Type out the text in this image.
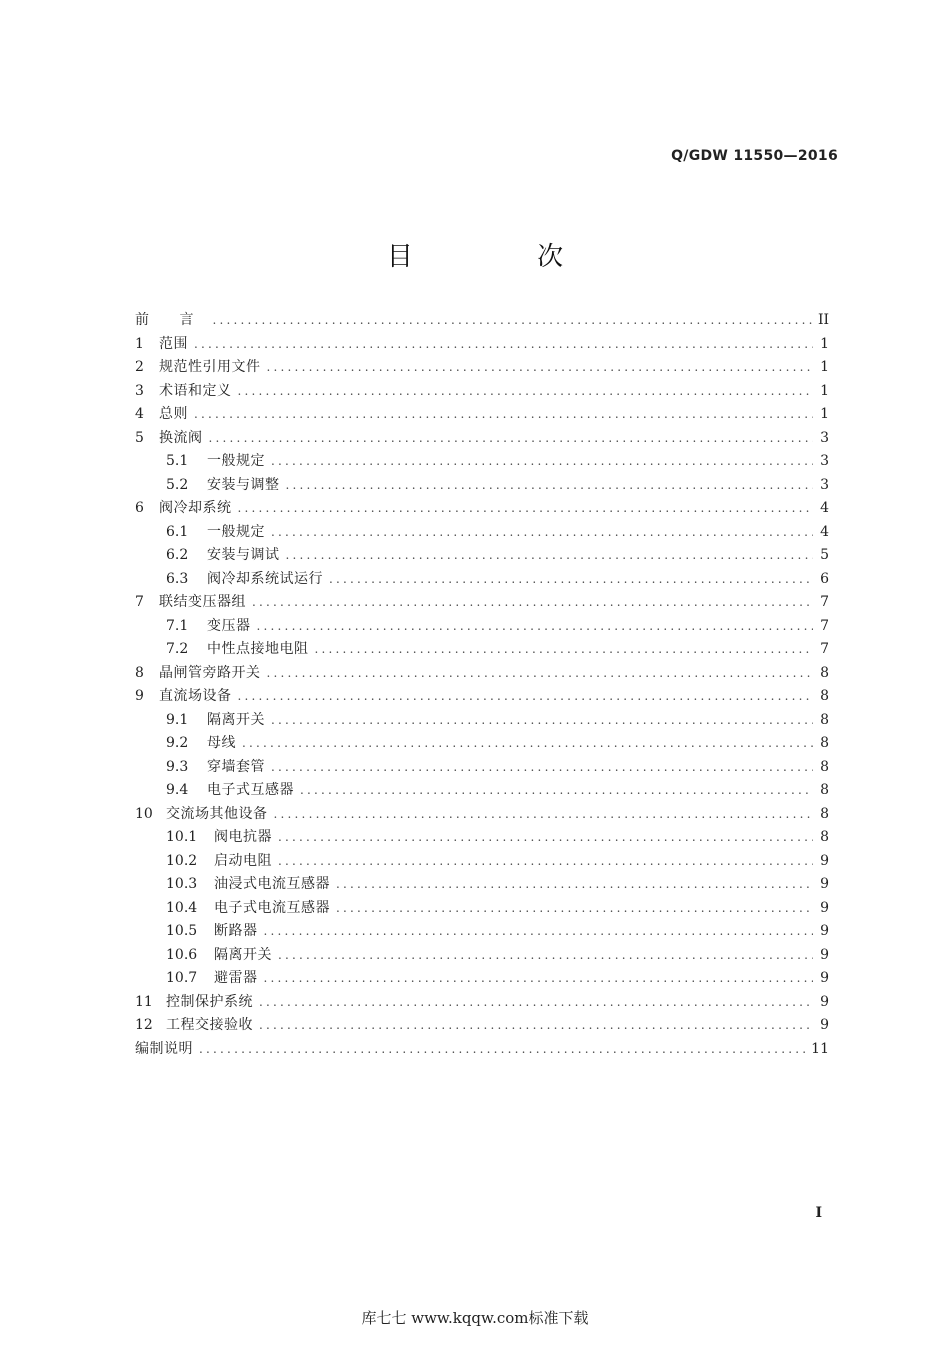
Q/GDW 11550—2016
目 次
前 言 .....	II
1	范围 .....	1
2	规范性引用文件 .....	1
3	术语和定义 .....	1
4	总则 .....	1
5	换流阀 .....	3
5.1	一般规定 .....	3
5.2	安装与调整 .....	3
6	阀冷却系统 .....	4
6.1	一般规定 .....	4
6.2	安装与调试 .....	5
6.3	阀冷却系统试运行 .....	6
7	联结变压器组 .....	7
7.1	变压器 .....	7
7.2	中性点接地电阻 .....	7
8	晶闸管旁路开关 .....	8
9	直流场设备 .....	8
9.1	隔离开关 .....	8
9.2	母线 .....	8
9.3	穿墙套管 .....	8
9.4	电子式互感器 .....	8
10 交流场其他设备 .....	8
10.1	阀电抗器 .....	8
10.2	启动电阻 .....	9
10.3	油浸式电流互感器 .....	9
10.4	电子式电流互感器 .....	9
10.5	断路器 .....	9
10.6	隔离开关 .....	9
10.7	避雷器 .....	9
11 控制保护系统 .....	9
12 工程交接验收 .....	9
编制说明 .....	11
I
库七七 www.kqqw.com标准下载
